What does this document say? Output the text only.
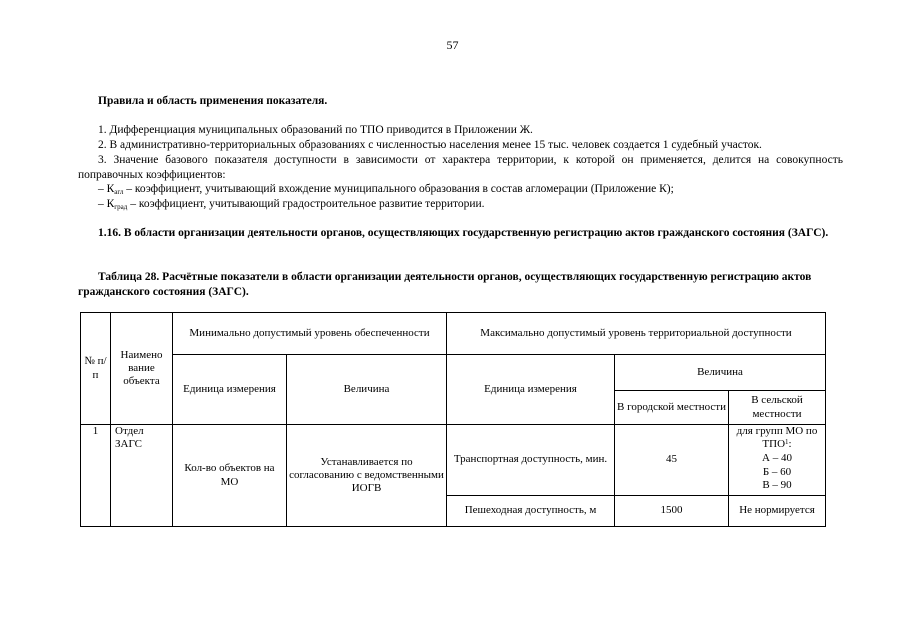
57
Правила и область применения показателя.
1. Дифференциация муниципальных образований по ТПО приводится в Приложении Ж.
2. В административно-территориальных образованиях с численностью населения менее 15 тыс. человек создается 1 судебный участок.
3. Значение базового показателя доступности в зависимости от характера территории, к которой он применяется, делится на совокупность поправочных коэффициентов:
– $К_{агл}$ – коэффициент, учитывающий вхождение муниципального образования в состав агломерации (Приложение К);
– $К_{град}$ – коэффициент, учитывающий градостроительное развитие территории.
1.16. В области организации деятельности органов, осуществляющих государственную регистрацию актов гражданского состояния (ЗАГС).
Таблица 28. Расчётные показатели в области организации деятельности органов, осуществляющих государственную регистрацию актов гражданского состояния (ЗАГС).
№ п/п	Наимено вание объекта	Минимально допустимый уровень обеспеченности		Максимально допустимый уровень территориальной доступности		
		Единица измерения	Величина	Единица измерения	Величина	
					В городской местности	В сельской местности
1	Отдел ЗАГС	Кол-во объектов на МО	Устанавливается по согласованию с ведомственными ИОГВ	Транспортная доступность, мин.	45	для групп МО по ТПО$^1$:
А – 40
Б – 60
В – 90

				Пешеходная доступность, м	1500	Не нормируется
